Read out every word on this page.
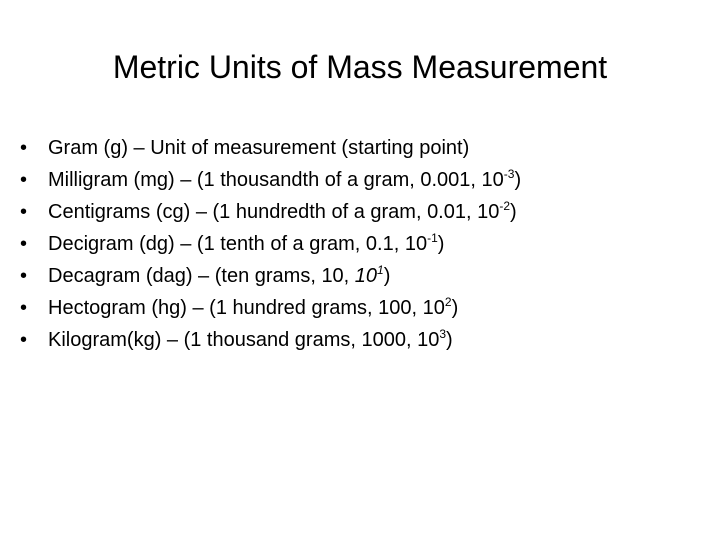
Metric Units of Mass Measurement
•	Gram (g) – Unit of measurement (starting point)
•	Milligram (mg) – (1 thousandth of a gram, 0.001, $10^{-3}$)
•	Centigrams (cg) – (1 hundredth of a gram, 0.01, $10^{-2}$)
•	Decigram (dg) – (1 tenth of a gram, 0.1, $10^{-1}$)
•	Decagram (dag) – (ten grams, 10, $10^1$)
•	Hectogram (hg) – (1 hundred grams, 100, $10^2$)
•	Kilogram(kg) – (1 thousand grams, 1000, $10^3$)
